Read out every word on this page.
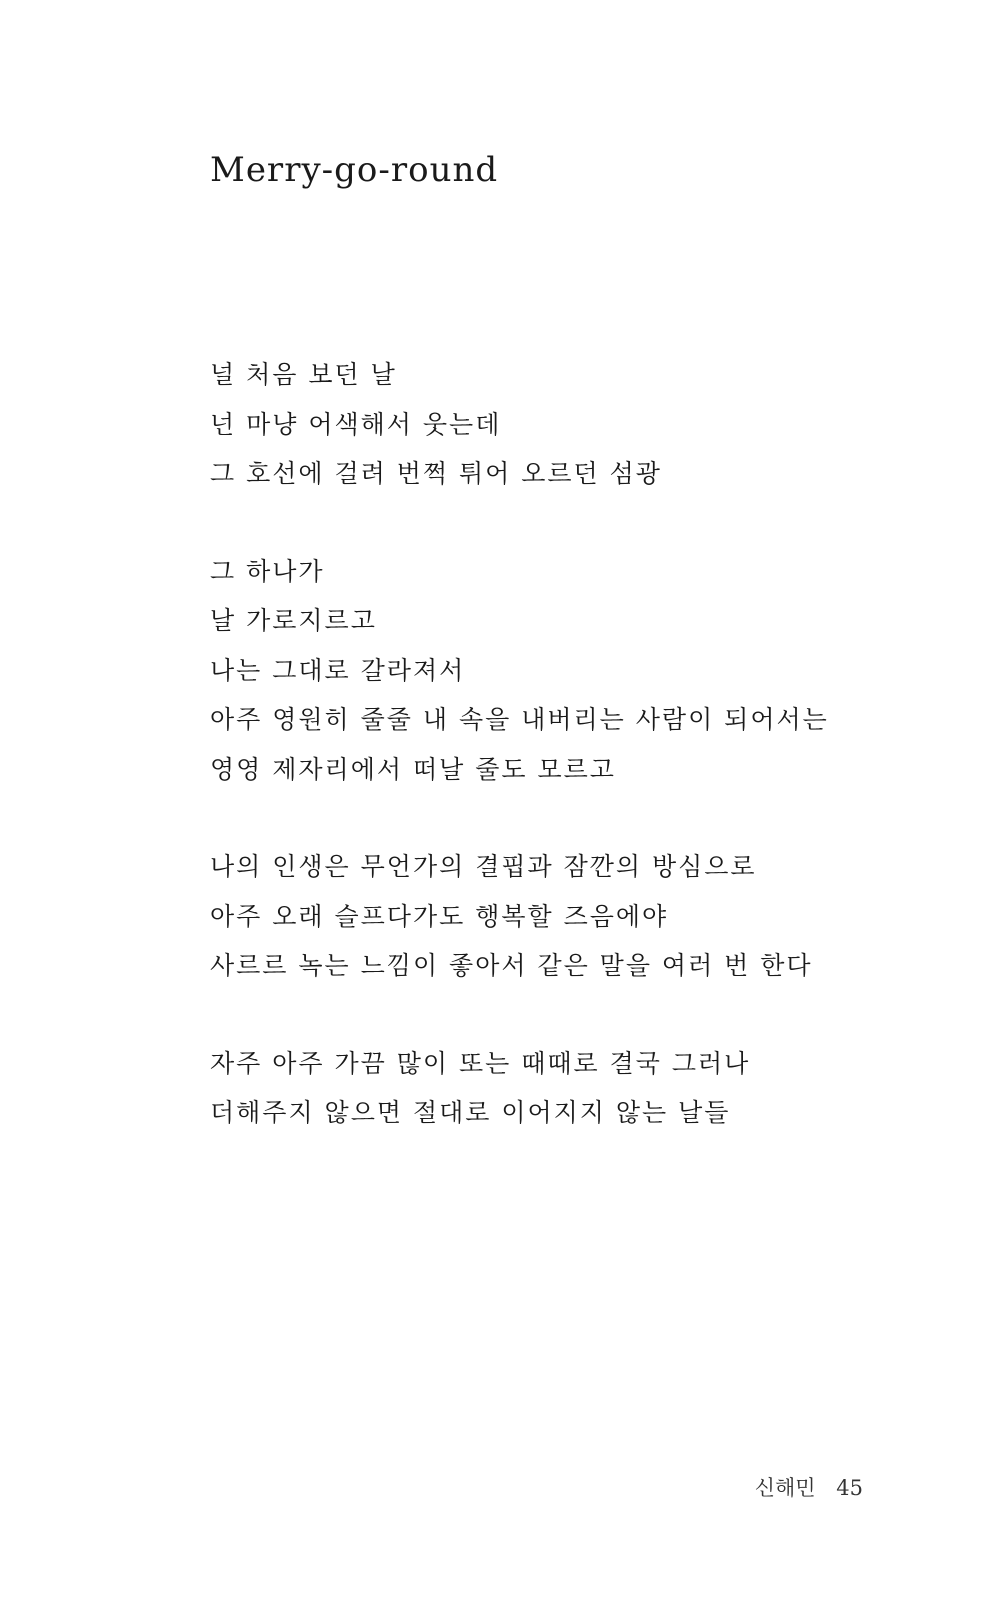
Merry-go-round
널 처음 보던 날
넌 마냥 어색해서 웃는데
그 호선에 걸려 번쩍 튀어 오르던 섬광
그 하나가
날 가로지르고
나는 그대로 갈라져서
아주 영원히 줄줄 내 속을 내버리는 사람이 되어서는
영영 제자리에서 떠날 줄도 모르고
나의 인생은 무언가의 결핍과 잠깐의 방심으로
아주 오래 슬프다가도 행복할 즈음에야
사르르 녹는 느낌이 좋아서 같은 말을 여러 번 한다
자주 아주 가끔 많이 또는 때때로 결국 그러나
더해주지 않으면 절대로 이어지지 않는 날들
신해민 45
